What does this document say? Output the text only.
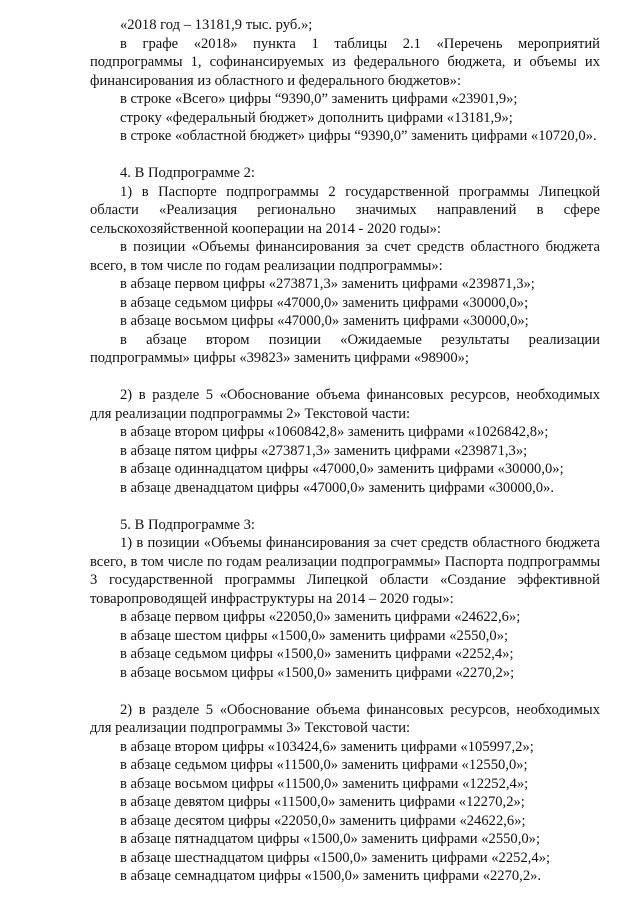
«2018 год – 13181,9 тыс. руб.»;

в графе «2018» пункта 1 таблицы 2.1 «Перечень мероприятий подпрограммы 1, софинансируемых из федерального бюджета, и объемы их финансирования из областного и федерального бюджетов»:

в строке «Всего» цифры “9390,0” заменить цифрами «23901,9»;

строку «федеральный бюджет» дополнить цифрами «13181,9»;

в строке «областной бюджет» цифры “9390,0” заменить цифрами «10720,0».

4. В Подпрограмме 2:

1) в Паспорте подпрограммы 2 государственной программы Липецкой области «Реализация регионально значимых направлений в сфере сельскохозяйственной кооперации на 2014 - 2020 годы»:

в позиции «Объемы финансирования за счет средств областного бюджета всего, в том числе по годам реализации подпрограммы»:

в абзаце первом цифры «273871,3» заменить цифрами «239871,3»;

в абзаце седьмом цифры «47000,0» заменить цифрами «30000,0»;

в абзаце восьмом цифры «47000,0» заменить цифрами «30000,0»;

в абзаце втором позиции «Ожидаемые результаты реализации подпрограммы» цифры «39823» заменить цифрами «98900»;

2) в разделе 5 «Обоснование объема финансовых ресурсов, необходимых для реализации подпрограммы 2» Текстовой части:

в абзаце втором цифры «1060842,8» заменить цифрами «1026842,8»;

в абзаце пятом цифры «273871,3» заменить цифрами «239871,3»;

в абзаце одиннадцатом цифры «47000,0» заменить цифрами «30000,0»;

в абзаце двенадцатом цифры «47000,0» заменить цифрами «30000,0».

5. В Подпрограмме 3:

1) в позиции «Объемы финансирования за счет средств областного бюджета всего, в том числе по годам реализации подпрограммы» Паспорта подпрограммы 3 государственной программы Липецкой области «Создание эффективной товаропроводящей инфраструктуры на 2014 – 2020 годы»:

в абзаце первом цифры «22050,0» заменить цифрами «24622,6»;

в абзаце шестом цифры «1500,0» заменить цифрами «2550,0»;

в абзаце седьмом цифры «1500,0» заменить цифрами «2252,4»;

в абзаце восьмом цифры «1500,0» заменить цифрами «2270,2»;

2) в разделе 5 «Обоснование объема финансовых ресурсов, необходимых для реализации подпрограммы 3» Текстовой части:

в абзаце втором цифры «103424,6» заменить цифрами «105997,2»;

в абзаце седьмом цифры «11500,0» заменить цифрами «12550,0»;

в абзаце восьмом цифры «11500,0» заменить цифрами «12252,4»;

в абзаце девятом цифры «11500,0» заменить цифрами «12270,2»;

в абзаце десятом цифры «22050,0» заменить цифрами «24622,6»;

в абзаце пятнадцатом цифры «1500,0» заменить цифрами «2550,0»;

в абзаце шестнадцатом цифры «1500,0» заменить цифрами «2252,4»;

в абзаце семнадцатом цифры «1500,0» заменить цифрами «2270,2».
